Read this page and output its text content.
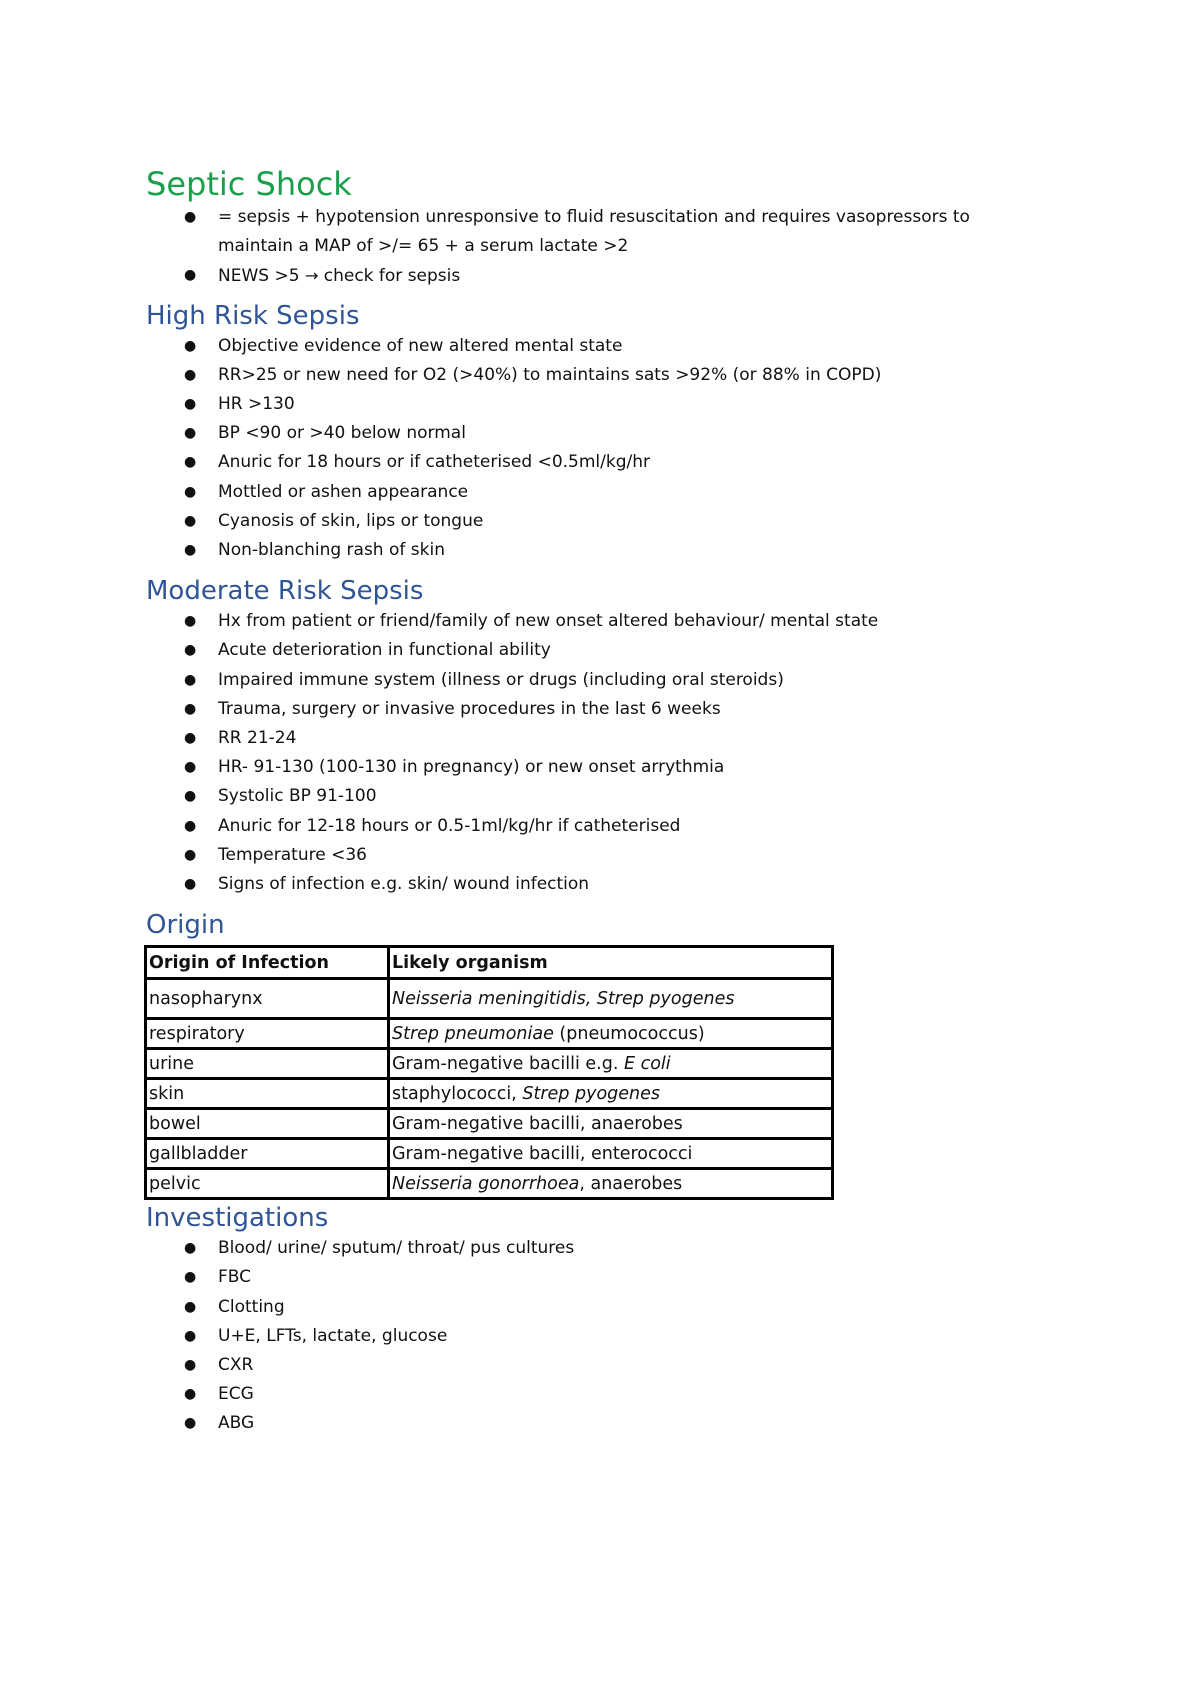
Septic Shock
● = sepsis + hypotension unresponsive to fluid resuscitation and requires vasopressors to
maintain a MAP of >/= 65 + a serum lactate >2
● NEWS >5 → check for sepsis
High Risk Sepsis
● Objective evidence of new altered mental state
● RR>25 or new need for O2 (>40%) to maintains sats >92% (or 88% in COPD)
● HR >130
● BP <90 or >40 below normal
● Anuric for 18 hours or if catheterised <0.5ml/kg/hr
● Mottled or ashen appearance
● Cyanosis of skin, lips or tongue
● Non-blanching rash of skin
Moderate Risk Sepsis
● Hx from patient or friend/family of new onset altered behaviour/ mental state
● Acute deterioration in functional ability
● Impaired immune system (illness or drugs (including oral steroids)
● Trauma, surgery or invasive procedures in the last 6 weeks
● RR 21-24
● HR- 91-130 (100-130 in pregnancy) or new onset arrythmia
● Systolic BP 91-100
● Anuric for 12-18 hours or 0.5-1ml/kg/hr if catheterised
● Temperature <36
● Signs of infection e.g. skin/ wound infection
Origin
Origin of Infection	Likely organism
nasopharynx	Neisseria meningitidis, Strep pyogenes
respiratory	Strep pneumoniae (pneumococcus)
urine	Gram-negative bacilli e.g. E coli
skin	staphylococci, Strep pyogenes
bowel	Gram-negative bacilli, anaerobes
gallbladder	Gram-negative bacilli, enterococci
pelvic	Neisseria gonorrhoea, anaerobes
Investigations
● Blood/ urine/ sputum/ throat/ pus cultures
● FBC
● Clotting
● U+E, LFTs, lactate, glucose
● CXR
● ECG
● ABG
